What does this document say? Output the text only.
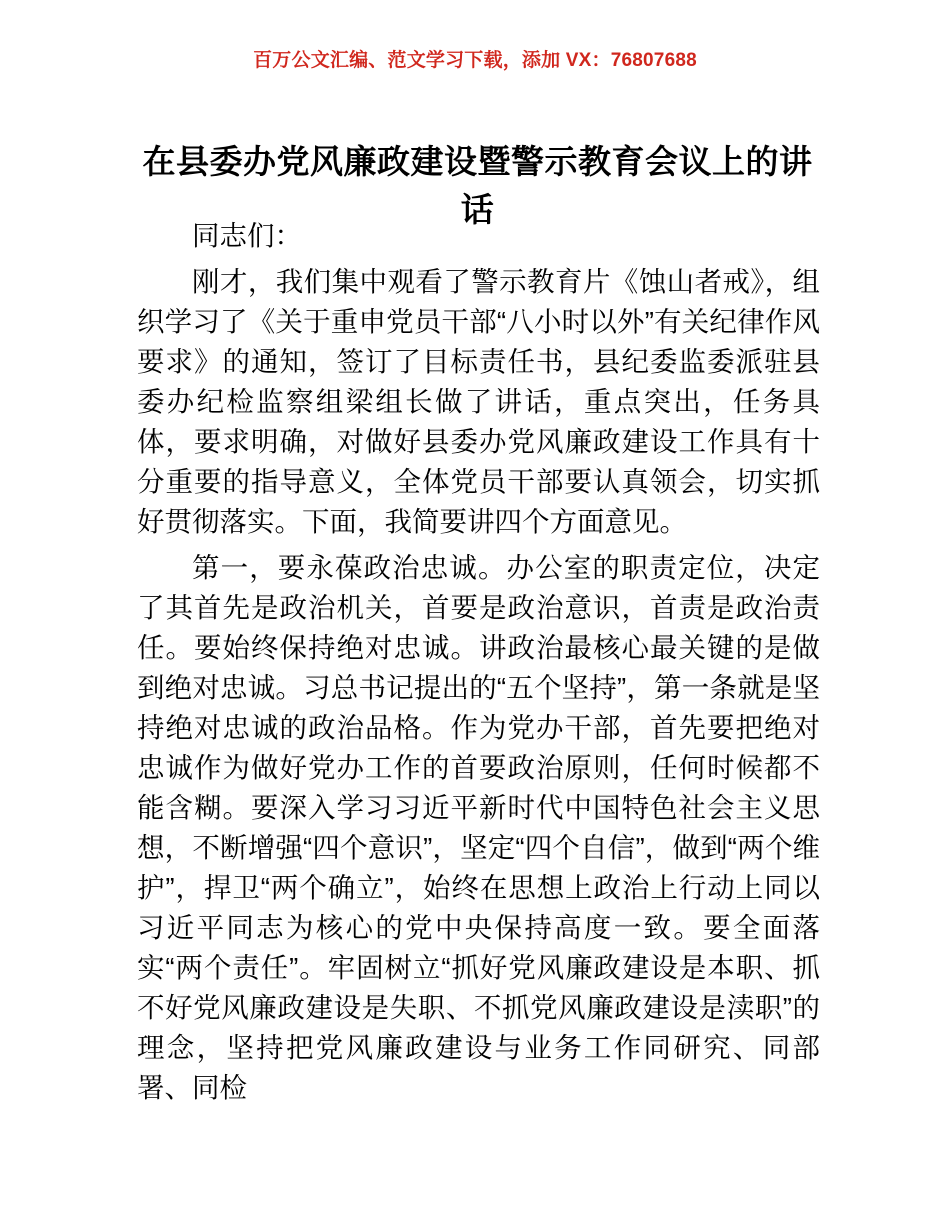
百万公文汇编、范文学习下载，添加 VX：76807688
在县委办党风廉政建设暨警示教育会议上的讲话

同志们：

刚才，我们集中观看了警示教育片《蚀山者戒》，组织学习了《关于重申党员干部“八小时以外”有关纪律作风要求》的通知，签订了目标责任书，县纪委监委派驻县委办纪检监察组梁组长做了讲话，重点突出，任务具体，要求明确，对做好县委办党风廉政建设工作具有十分重要的指导意义，全体党员干部要认真领会，切实抓好贯彻落实。下面，我简要讲四个方面意见。

第一，要永葆政治忠诚。办公室的职责定位，决定了其首先是政治机关，首要是政治意识，首责是政治责任。要始终保持绝对忠诚。讲政治最核心最关键的是做到绝对忠诚。习总书记提出的“五个坚持”，第一条就是坚持绝对忠诚的政治品格。作为党办干部，首先要把绝对忠诚作为做好党办工作的首要政治原则，任何时候都不能含糊。要深入学习习近平新时代中国特色社会主义思想，不断增强“四个意识”，坚定“四个自信”，做到“两个维护”，捍卫“两个确立”，始终在思想上政治上行动上同以习近平同志为核心的党中央保持高度一致。要全面落实“两个责任”。牢固树立“抓好党风廉政建设是本职、抓不好党风廉政建设是失职、不抓党风廉政建设是渎职”的理念，坚持把党风廉政建设与业务工作同研究、同部署、同检
